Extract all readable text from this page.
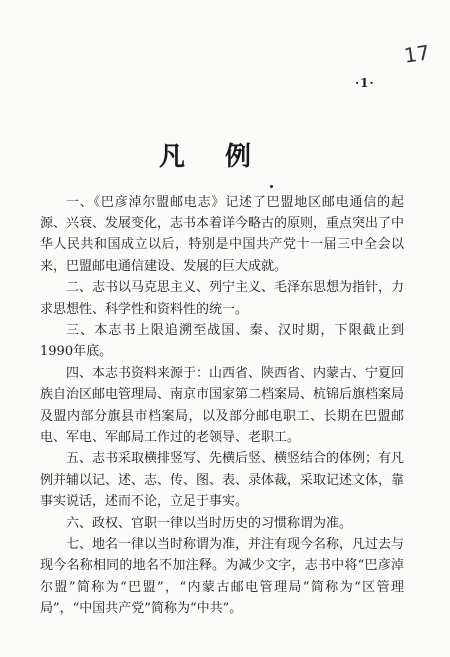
17
·1·
凡例

一、《巴彦淖尔盟邮电志》记述了巴盟地区邮电通信的起源、兴衰、发展变化，志书本着详今略古的原则，重点突出了中华人民共和国成立以后，特别是中国共产党十一届三中全会以来，巴盟邮电通信建设、发展的巨大成就。

二、志书以马克思主义、列宁主义、毛泽东思想为指针，力求思想性、科学性和资料性的统一。

三、本志书上限追溯至战国、秦、汉时期，下限截止到1990年底。

四、本志书资料来源于：山西省、陕西省、内蒙古、宁夏回族自治区邮电管理局、南京市国家第二档案局、杭锦后旗档案局及盟内部分旗县市档案局，以及部分邮电职工、长期在巴盟邮电、军电、军邮局工作过的老领导、老职工。

五、志书采取横排竖写、先横后竖、横竖结合的体例；有凡例并辅以记、述、志、传、图、表、录体裁，采取记述文体，靠事实说话，述而不论，立足于事实。

六、政权、官职一律以当时历史的习惯称谓为准。

七、地名一律以当时称谓为准，并注有现今名称，凡过去与现今名称相同的地名不加注释。为减少文字，志书中将“巴彦淖尔盟”简称为“巴盟”，“内蒙古邮电管理局”简称为“区管理局”，“中国共产党”简称为“中共”。
